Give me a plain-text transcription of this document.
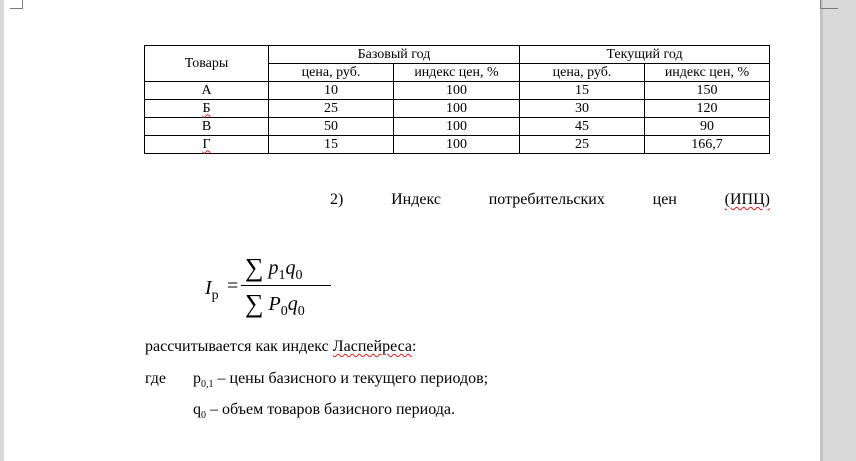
Товары	Базовый год		Текущий год	
	цена, руб.	индекс цен, %	цена, руб.	индекс цен, %
А	10	100	15	150
Б	25	100	30	120
В	50	100	45	90
Г	15	100	25	166,7
2)	Индекс	потребительских	цен	(ИПЦ)
$I_p$ =
∑ $p_1q_0$
∑ $P_0q_0$
рассчитывается как индекс Ласпейреса:
где $p_{0,1}$ – цены базисного и текущего периодов;
$q_0$ – объем товаров базисного периода.
